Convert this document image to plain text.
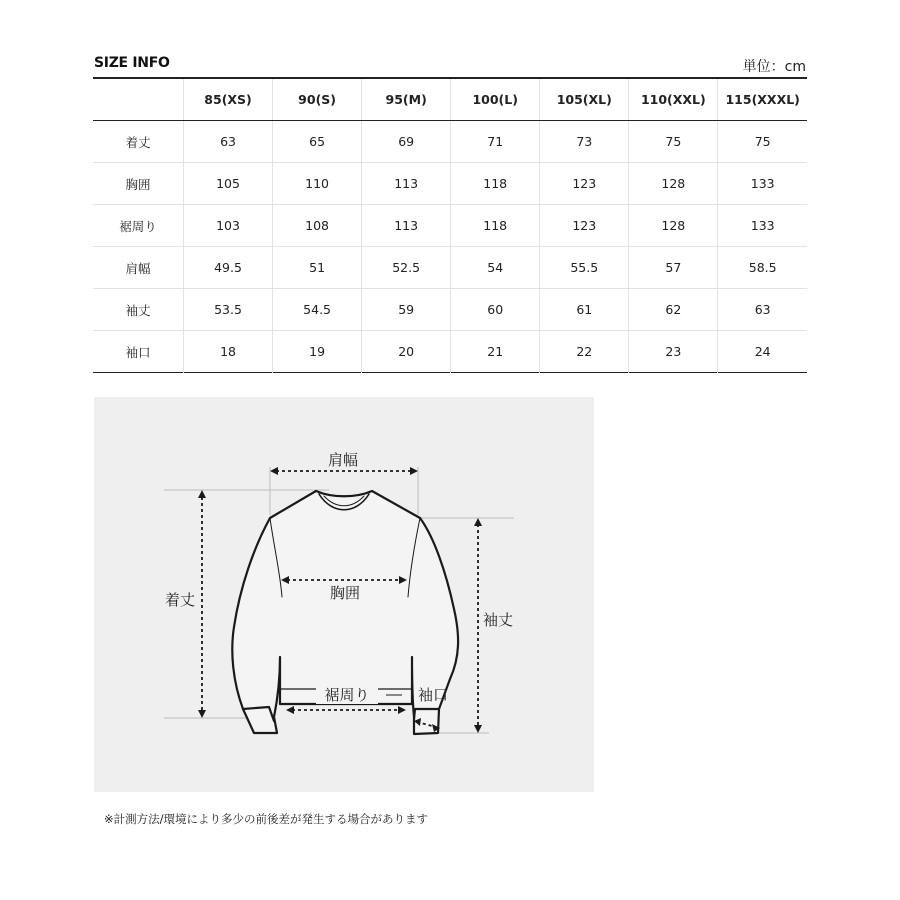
SIZE INFO	単位：cm
	85(XS)	90(S)	95(M)	100(L)	105(XL)	110(XXL)	115(XXXL)
着丈	63	65	69	71	73	75	75
胸囲	105	110	113	118	123	128	133
裾周り	103	108	113	118	123	128	133
肩幅	49.5	51	52.5	54	55.5	57	58.5
袖丈	53.5	54.5	59	60	61	62	63
袖口	18	19	20	21	22	23	24
肩幅
着丈	胸囲
袖丈
裾周り	袖口
※計測方法/環境により多少の前後差が発生する場合があります
